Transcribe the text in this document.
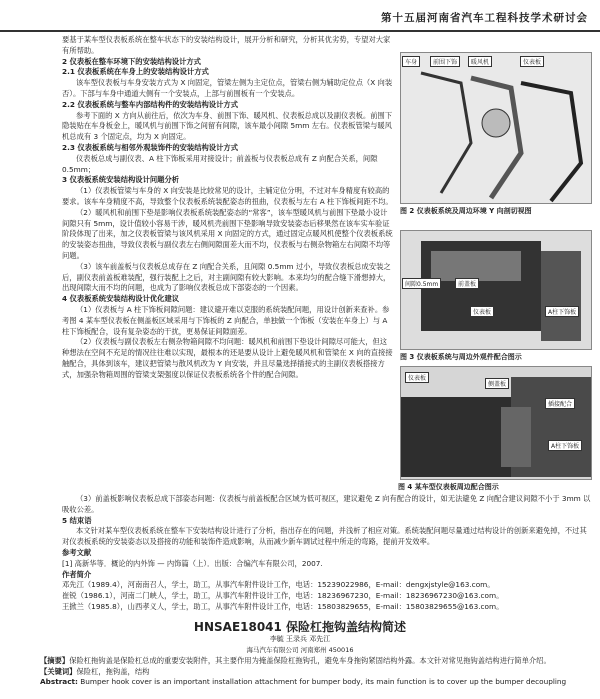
第十五届河南省汽车工程科技学术研讨会

要基于某车型仪表板系统在整车状态下的安装结构设计，展开分析和研究，分析其优劣势，专望对大家有所帮助。

2 仪表板在整车环境下的安装结构设计方式

2.1 仪表板系统在车身上的安装结构设计方式

该车型仪表板与车身安装方式为 X 向固定，管梁左侧为主定位点，管梁右侧为辅助定位点（X 向装否）。下部与车身中通道大侧有一个安装点，上部与前围板有一个安装点。

2.2 仪表板系统与整车内部结构件的安装结构设计方式

参考下面的 X 方向从前往后，依次为车身、前围下饰、暖风机、仪表板总成以及副仪表板。前围下隐装贴在车身板金上，暖风机与前围下饰之间留有间隙，该车最小间隙 5mm 左右。仪表板管梁与暖风机总成有 3 个固定点，均为 X 向固定。

2.3 仪表板系统与相邻外观装饰件的安装结构设计方式

仪表板总成与副仪表、A 柱下饰板采用对接设计；前盖板与仪表板总成有 Z 向配合关系，间隙 0.5mm；

3 仪表板系统安装结构设计问题分析

（1）仪表板管梁与车身的 X 向安装是比较常见的设计，主辅定位分明，不过对车身精度有较高的要求。该车车身精度不高，导致整个仪表板系统装配姿态的扭曲，仪表板与左右 A 柱下饰板间距不均。

（2）暖风机和前围下垫是影响仪表板系统装配姿态的“常客”，该车型暖风机与前围下垫最小设计间隙只有 5mm，设计值较小容易干涉，暖风机壳前围下垫影响导致安装姿态后移果然在该车实车验证阶段体现了出来，加之仪表板管梁与该风机采用 X 向固定的方式，通过固定点暖风机使整个仪表板系统的安装姿态扭曲，导致仪表板与副仪表左右侧间隙面差大而不均，仪表板与右侧杂物箱左右间隙不均等问题。

（3）该车前盖板与仪表板总成存在 Z 向配合关系，且间隙 0.5mm 过小，导致仪表板总成安装之后，副仪表前盖板难装配，强行装配上之后，对主副间隙有较大影响。本来均匀的配合缝下滑想掉大，出现间隙大而不均的问题，也成为了影响仪表板总成下部姿态的一个因素。

4 仪表板系统安装结构设计优化建议

（1）仪表板与 A 柱下饰板间隙问题：建议避开难以克服的系统装配问题，用设计创新来查补。参考图 4 某车型仪表板在侧盖板区域采用与下饰板的 Z 向配合，单独做一个饰板（安装在车身上）与 A 柱下饰板配合，设有复杂姿态的干扰，更易保证间隙面差。

（2）仪表板与副仪表板左右侧杂物箱间隙不均问题：暖风机和前围下垫设计间隙尽可能大，但这种想法在空间不充足的情况往往难以实现，最根本的还是要从设计上避免暖风机和管梁在 X 向的直接接触配合，具体到该车，建议把管梁与散风机改为 Y 向安装，并且尽量选择插接式的主副仪表板搭接方式，加强杂物箱周围的管梁支架强度以保证仪表板系统各个件的配合间隙。

车身	前围下饰	暖风机	仪表板
图 2 仪表板系统及周边环境 Y 向剖切视图
间隙0.5mm	前盖板
仪表板	A柱下饰板
图 3 仪表板系统与周边外观件配合图示
仪表板
侧盖板
插接配合
A柱下饰板
图 4 某车型仪表板周边配合图示

（3）前盖板影响仪表板总成下部姿态问题：仪表板与前盖板配合区域为低可视区，建议避免 Z 向有配合的设计，如无法避免 Z 向配合建议间隙不小于 3mm 以吸收公差。

5 结束语

本文针对某车型仪表板系统在整车下安装结构设计进行了分析，指出存在的问题，并浅析了相应对策。系统装配问题尽量通过结构设计的创新来避免掉，不过其对仪表板系统的安装姿态以及搭接的功能和装饰件造成影响，从而减少新车调试过程中所走的弯路，提前开发效率。

参考文献

[1] 高新华等．概论的内外饰 — 内饰篇（上）．出版：合编汽车有限公司，2007.

作者简介

邓先江（1989.4），河南南召人，学士，助工，从事汽车附件设计工作，电话：15239022986，E-mail：dengxjstyle@163.com。

崔锐（1986.1），河南二门峡人，学士，助工，从事汽车附件设计工作，电话：18236967230，E-mail：18236967230@163.com。

王掀兰（1985.8），山西孝义人，学士，助工，从事汽车附件设计工作，电话：15803829655，E-mail：15803829655@163.com。

HNSAE18041 保险杠拖钩盖结构简述
李毓 王录兵 邓先江
海马汽车有限公司 河南郑州 450016

【摘要】保险杠拖钩盖是保险杠总成的重要安装附件，其主要作用为掩盖保险杠拖钩孔，避免车身拖钩紧固结构外露。本文针对常见拖钩盖结构进行简单介绍。

【关键词】保险杠，拖钩盖，结构

Abstract: Bumper hook cover is an important installation attachment for bumper body, its main function is to cover up the bumper decoupling
